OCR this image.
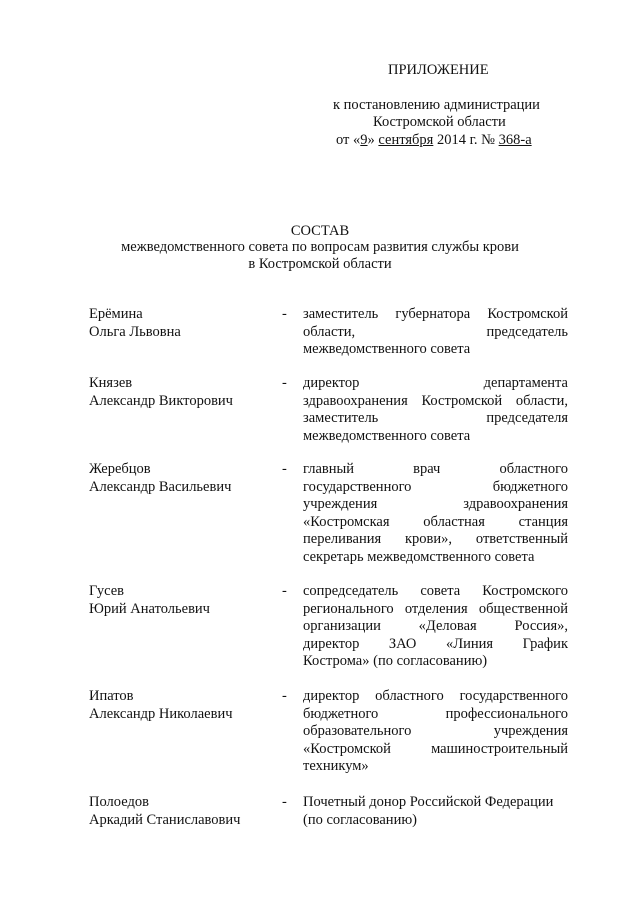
ПРИЛОЖЕНИЕ
к постановлению администрации
Костромской области
от «9» сентября 2014 г. № 368-а
СОСТАВ
межведомственного совета по вопросам развития службы крови
в Костромской области
Ерёмина
Ольга Львовна
- заместитель губернатора Костромской
области, председатель
межведомственного совета
Князев
Александр Викторович
- директор департамента
здравоохранения Костромской области,
заместитель председателя
межведомственного совета
Жеребцов
Александр Васильевич
- главный врач областного
государственного бюджетного
учреждения здравоохранения
«Костромская областная станция
переливания крови», ответственный
секретарь межведомственного совета
Гусев
Юрий Анатольевич
- сопредседатель совета Костромского
регионального отделения общественной
организации «Деловая Россия»,
директор ЗАО «Линия График
Кострома» (по согласованию)
Ипатов
Александр Николаевич
- директор областного государственного
бюджетного профессионального
образовательного учреждения
«Костромской машиностроительный
техникум»
Полоедов
Аркадий Станиславович
- Почетный донор Российской Федерации
(по согласованию)
